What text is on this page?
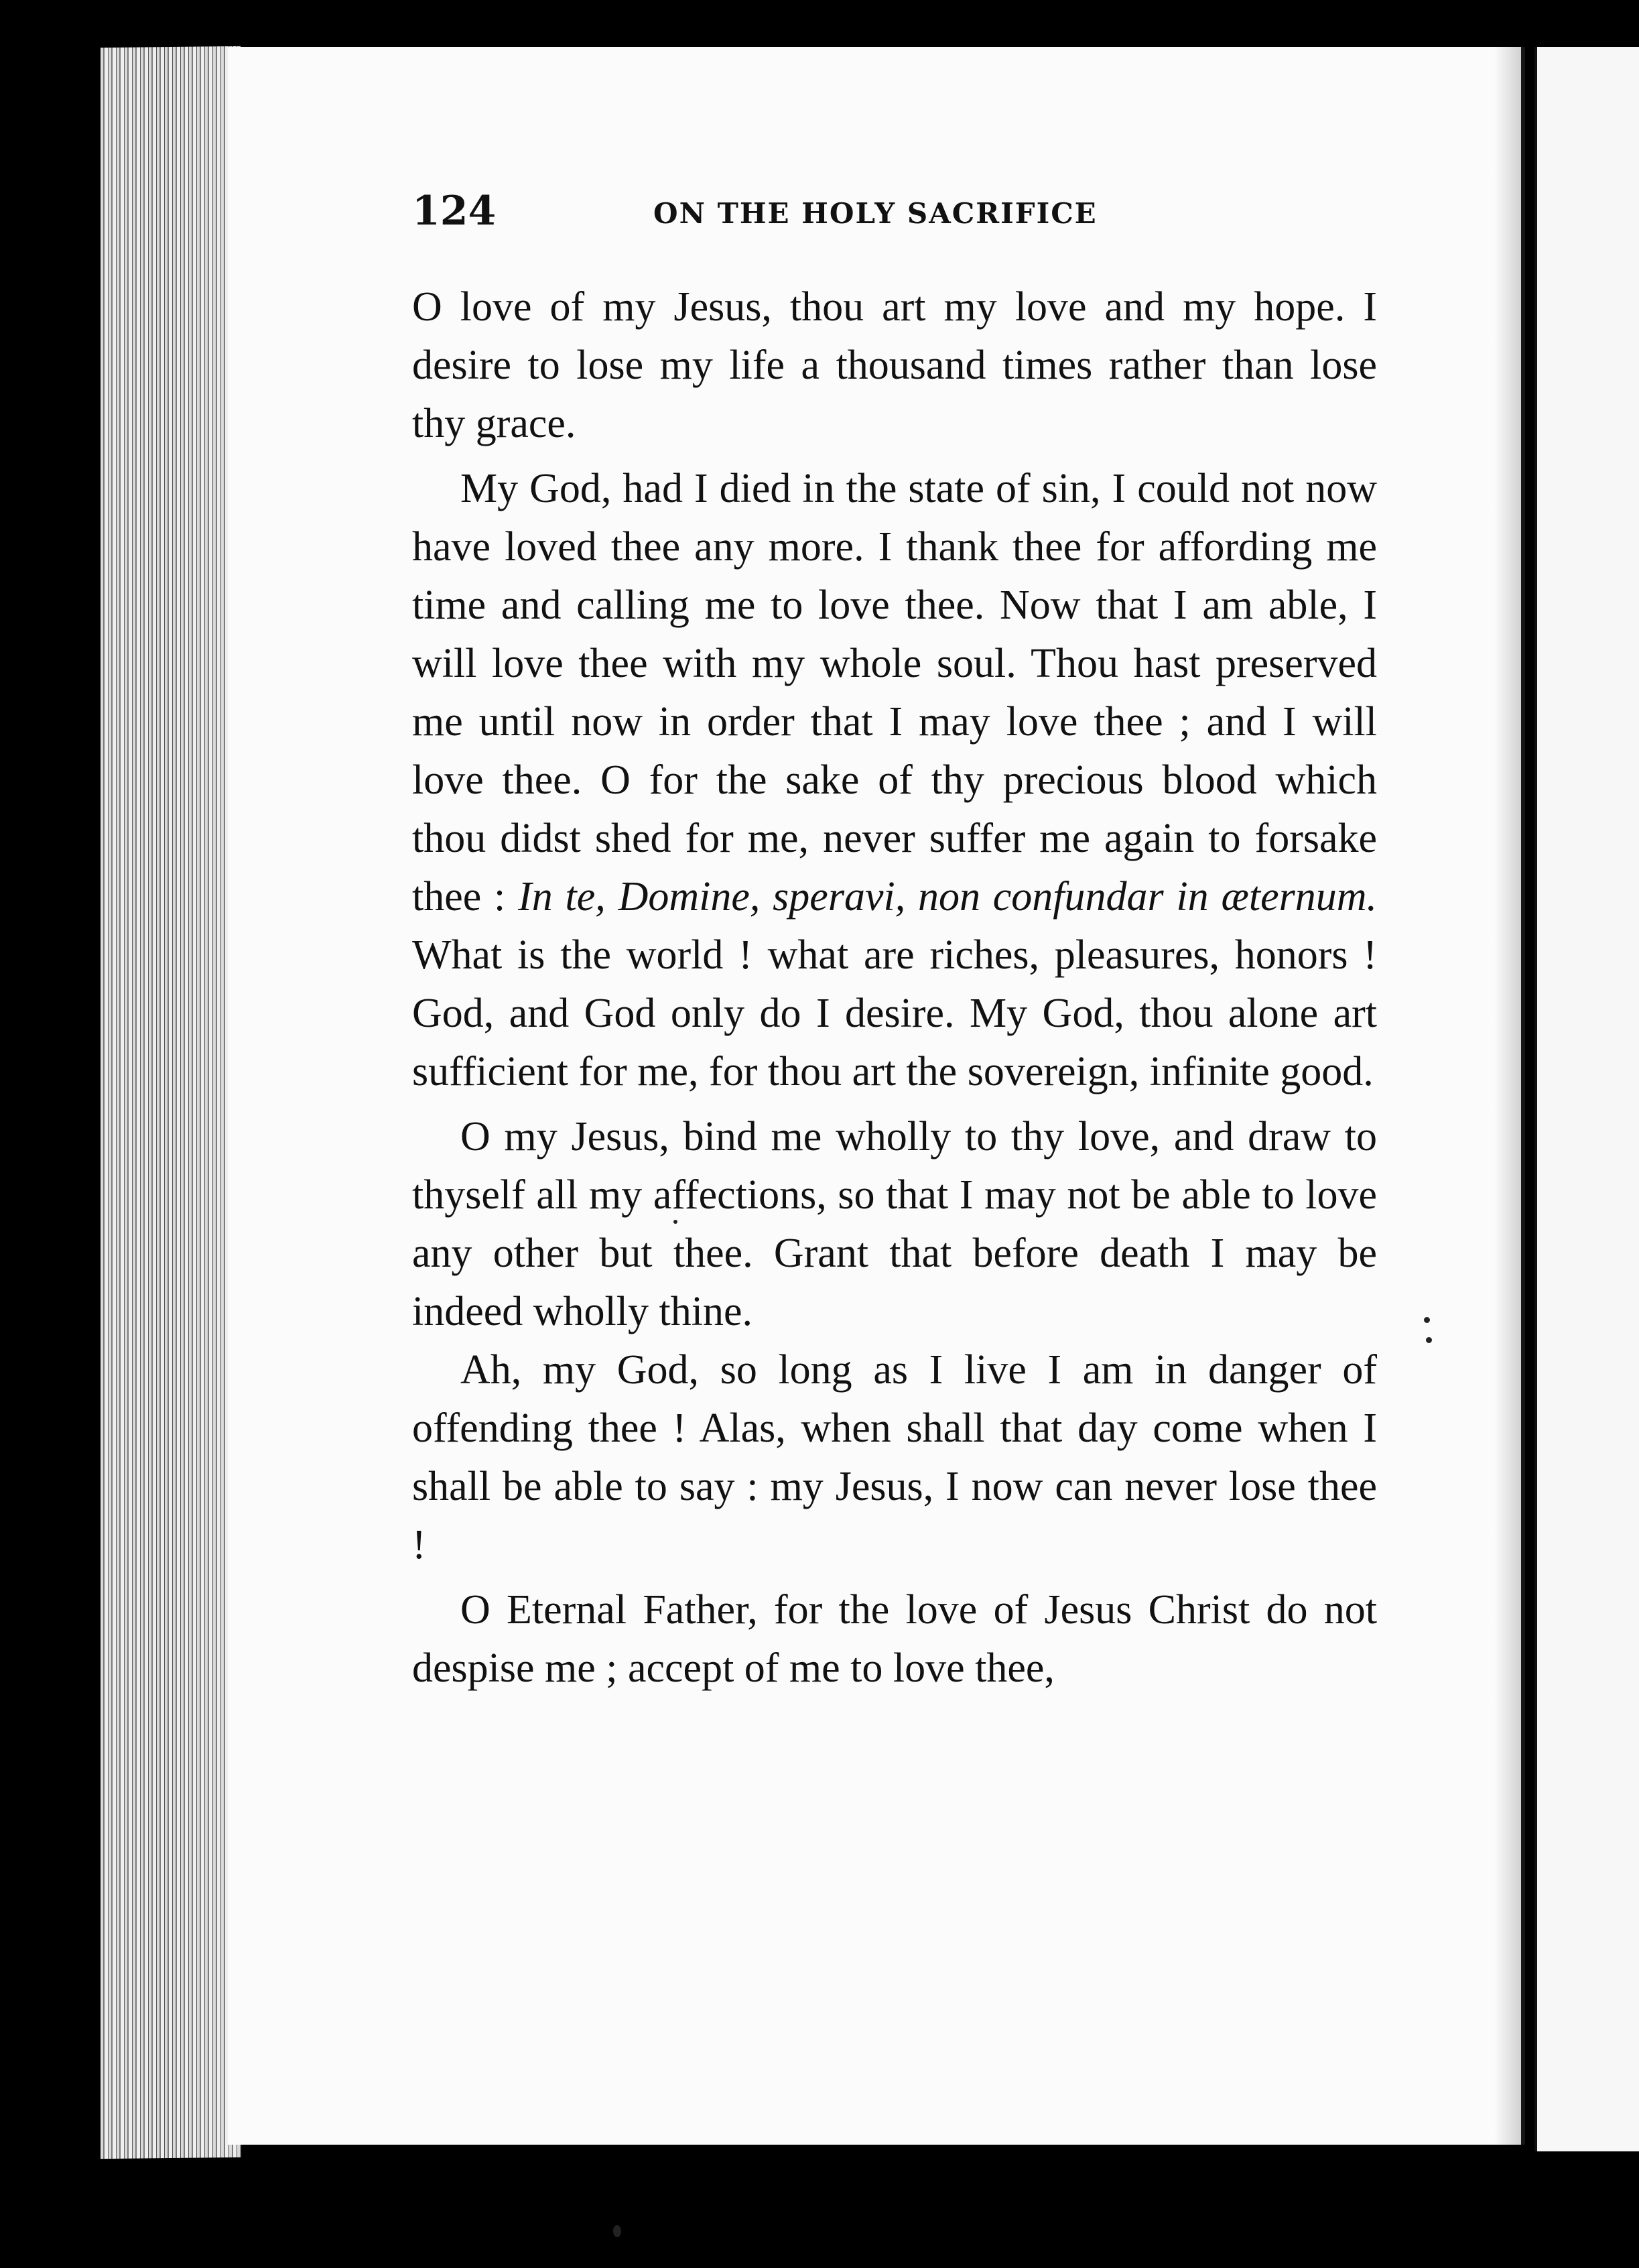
124	ON THE HOLY SACRIFICE

O love of my Jesus, thou art my love and my hope. I desire to lose my life a thousand times rather than lose thy grace.

My God, had I died in the state of sin, I could not now have loved thee any more. I thank thee for affording me time and calling me to love thee. Now that I am able, I will love thee with my whole soul. Thou hast preserved me until now in order that I may love thee ; and I will love thee. O for the sake of thy precious blood which thou didst shed for me, never suffer me again to forsake thee : In te, Domine, speravi, non confundar in æternum. What is the world ! what are riches, pleasures, honors ! God, and God only do I desire. My God, thou alone art sufficient for me, for thou art the sovereign, infinite good.

O my Jesus, bind me wholly to thy love, and draw to thyself all my affections, so that I may not be able to love any other but thee. Grant that before death I may be indeed wholly thine.

Ah, my God, so long as I live I am in danger of offending thee ! Alas, when shall that day come when I shall be able to say : my Jesus, I now can never lose thee !

O Eternal Father, for the love of Jesus Christ do not despise me ; accept of me to love thee,
